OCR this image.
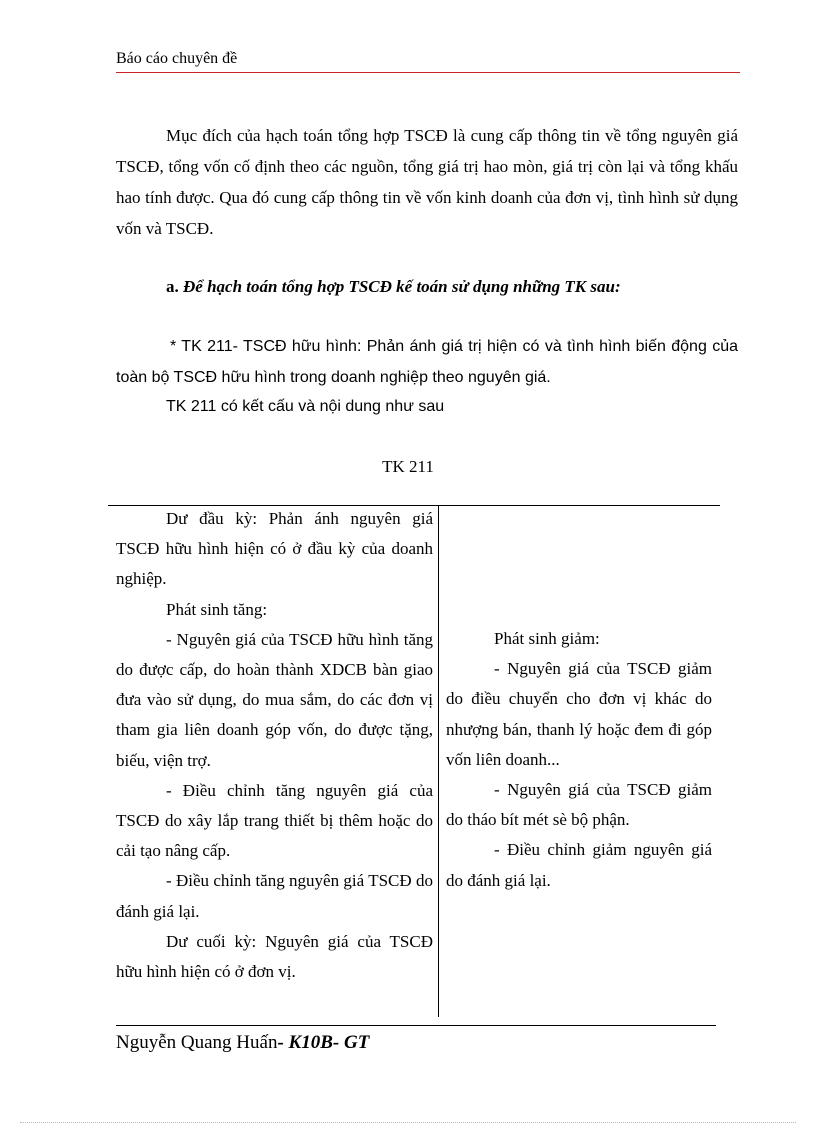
Báo cáo chuyên đề
Mục đích của hạch toán tổng hợp TSCĐ là cung cấp thông tin về tổng nguyên giá TSCĐ, tổng vốn cố định theo các nguồn, tổng giá trị hao mòn, giá trị còn lại và tổng khấu hao tính được. Qua đó cung cấp thông tin về vốn kinh doanh của đơn vị, tình hình sử dụng vốn và TSCĐ.
a. Để hạch toán tổng hợp TSCĐ kế toán sử dụng những TK sau:
* TK 211- TSCĐ hữu hình: Phản ánh giá trị hiện có và tình hình biến động của toàn bộ TSCĐ hữu hình trong doanh nghiệp theo nguyên giá.
TK 211 có kết cấu và nội dung như sau
TK 211

Dư đầu kỳ: Phản ánh nguyên giá TSCĐ hữu hình hiện có ở đầu kỳ của doanh nghiệp.

Phát sinh tăng:

- Nguyên giá của TSCĐ hữu hình tăng do được cấp, do hoàn thành XDCB bàn giao đưa vào sử dụng, do mua sắm, do các đơn vị tham gia liên doanh góp vốn, do được tặng, biếu, viện trợ.

- Điều chỉnh tăng nguyên giá của TSCĐ do xây lắp trang thiết bị thêm hoặc do cải tạo nâng cấp.

- Điều chỉnh tăng nguyên giá TSCĐ do đánh giá lại.

Dư cuối kỳ: Nguyên giá của TSCĐ hữu hình hiện có ở đơn vị.

Phát sinh giảm:

- Nguyên giá của TSCĐ giảm do điều chuyển cho đơn vị khác do nhượng bán, thanh lý hoặc đem đi góp vốn liên doanh...

- Nguyên giá của TSCĐ giảm do tháo bít mét sè bộ phận.

- Điều chỉnh giảm nguyên giá do đánh giá lại.

Nguyễn Quang Huấn- K10B- GT
